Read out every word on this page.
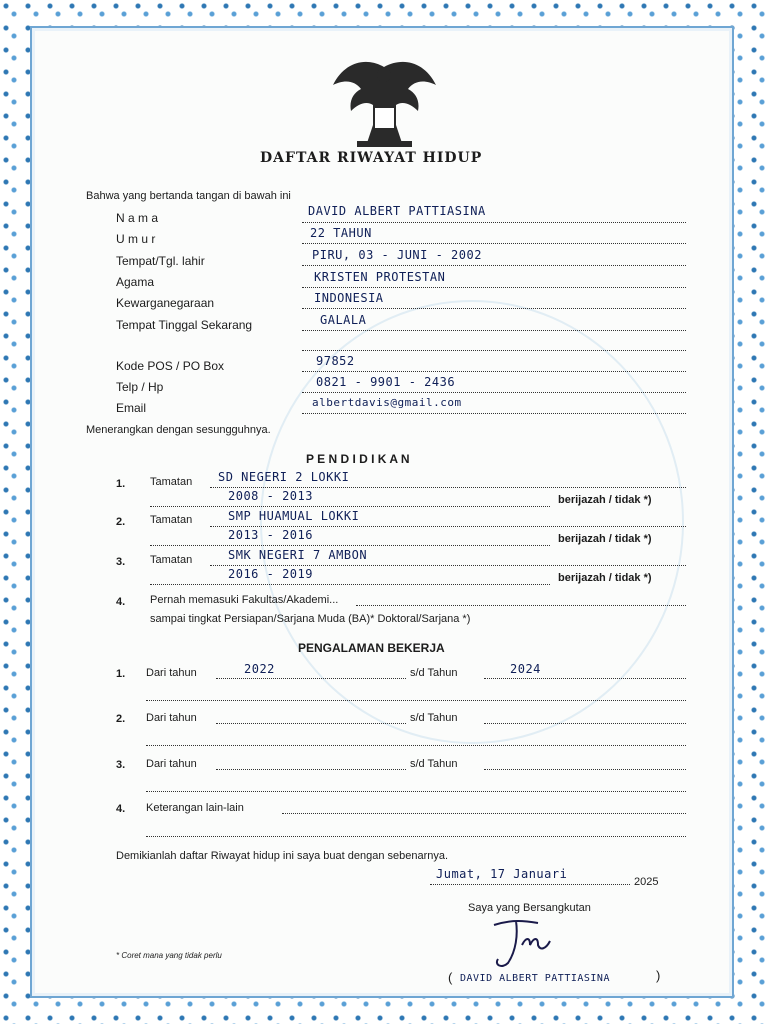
DAFTAR RIWAYAT HIDUP
Bahwa yang bertanda tangan di bawah ini
N a m a	DAVID ALBERT PATTIASINA
U m u r	22 TAHUN
Tempat/Tgl. lahir	PIRU, 03 - JUNI - 2002
Agama	KRISTEN PROTESTAN
Kewarganegaraan	INDONESIA
Tempat Tinggal Sekarang	GALALA
Kode POS / PO Box	97852
Telp / Hp	0821 - 9901 - 2436
Email	albertdavis@gmail.com
Menerangkan dengan sesungguhnya.
P E N D I D I K A N
1. Tamatan SD NEGERI 2 LOKKI
2008 - 2013	berijazah / tidak *)
2. Tamatan	SMP HUAMUAL LOKKI
2013 - 2016	berijazah / tidak *)
3. Tamatan	SMK NEGERI 7 AMBON
2016 - 2019	berijazah / tidak *)
4. Pernah memasuki Fakultas/Akademi...
sampai tingkat Persiapan/Sarjana Muda (BA)* Doktoral/Sarjana *)
PENGALAMAN BEKERJA
1. Dari tahun	2022	s/d Tahun	2024
2. Dari tahun	s/d Tahun
3. Dari tahun	s/d Tahun
4. Keterangan lain-lain
Demikianlah daftar Riwayat hidup ini saya buat dengan sebenarnya.
Jumat, 17 Januari
2025
Saya yang Bersangkutan
( DAVID ALBERT PATTIASINA	)
* Coret mana yang tidak perlu
